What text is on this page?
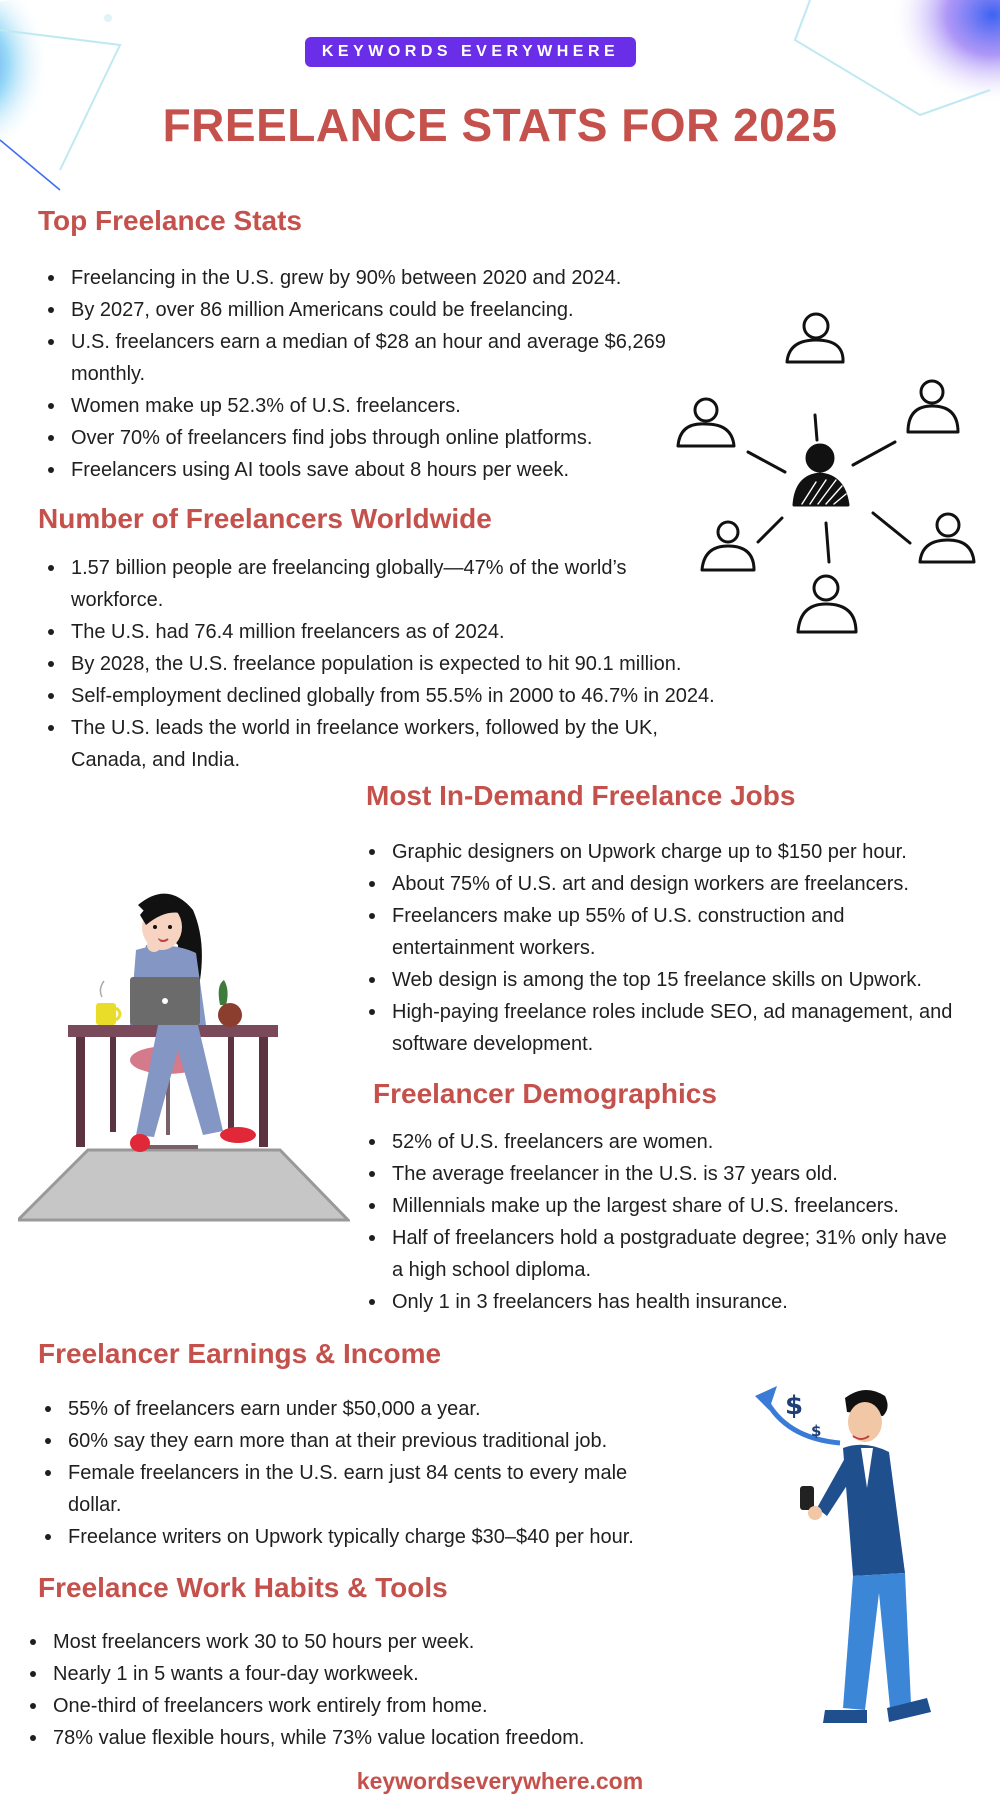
KEYWORDS EVERYWHERE
FREELANCE STATS FOR 2025
Top Freelance Stats
Freelancing in the U.S. grew by 90% between 2020 and 2024.
By 2027, over 86 million Americans could be freelancing.
U.S. freelancers earn a median of $28 an hour and average $6,269 monthly.
Women make up 52.3% of U.S. freelancers.
Over 70% of freelancers find jobs through online platforms.
Freelancers using AI tools save about 8 hours per week.
Number of Freelancers Worldwide
1.57 billion people are freelancing globally—47% of the world’s workforce.
The U.S. had 76.4 million freelancers as of 2024.
By 2028, the U.S. freelance population is expected to hit 90.1 million.
Self-employment declined globally from 55.5% in 2000 to 46.7% in 2024.
The U.S. leads the world in freelance workers, followed by the UK, Canada, and India.
Most In-Demand Freelance Jobs
Graphic designers on Upwork charge up to $150 per hour.
About 75% of U.S. art and design workers are freelancers.
Freelancers make up 55% of U.S. construction and entertainment workers.
Web design is among the top 15 freelance skills on Upwork.
High-paying freelance roles include SEO, ad management, and software development.
Freelancer Demographics
52% of U.S. freelancers are women.
The average freelancer in the U.S. is 37 years old.
Millennials make up the largest share of U.S. freelancers.
Half of freelancers hold a postgraduate degree; 31% only have a high school diploma.
Only 1 in 3 freelancers has health insurance.
Freelancer Earnings & Income
55% of freelancers earn under $50,000 a year.
60% say they earn more than at their previous traditional job.
Female freelancers in the U.S. earn just 84 cents to every male dollar.
Freelance writers on Upwork typically charge $30–$40 per hour.
Freelance Work Habits & Tools
Most freelancers work 30 to 50 hours per week.
Nearly 1 in 5 wants a four-day workweek.
One-third of freelancers work entirely from home.
78% value flexible hours, while 73% value location freedom.
$
$
keywordseverywhere.com
